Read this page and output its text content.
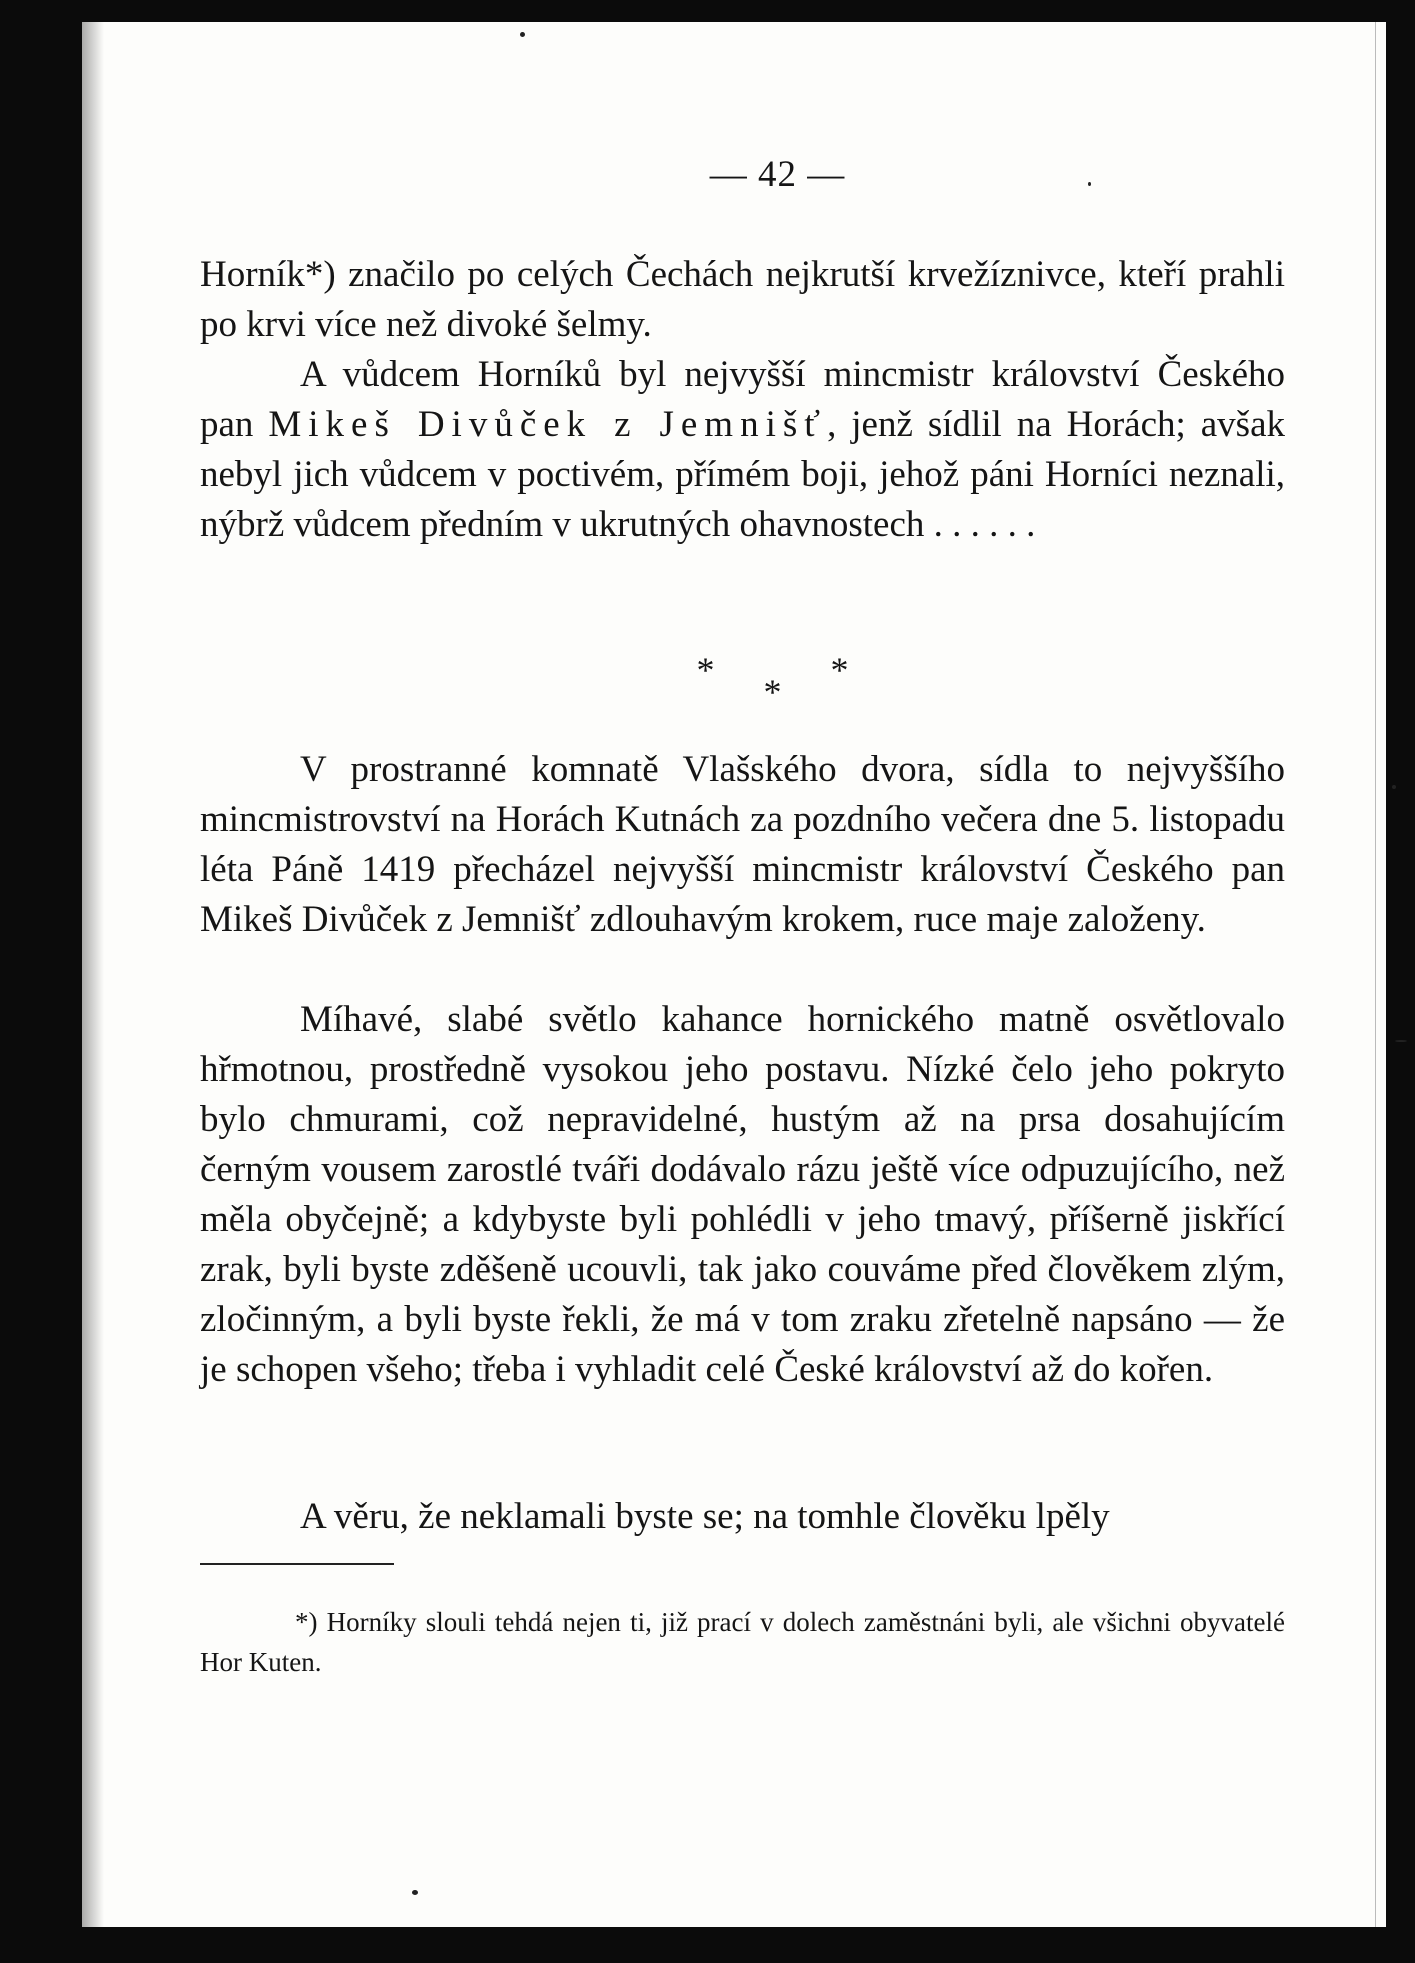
— 42 —

Horník*) značilo po celých Čechách nejkrutší krvežíznivce, kteří prahli po krvi více než divoké šelmy.

A vůdcem Horníků byl nejvyšší mincmistr království Českého pan Mikeš Divůček z Jemnišť, jenž sídlil na Horách; avšak nebyl jich vůdcem v poctivém, přímém boji, jehož páni Horníci neznali, nýbrž vůdcem předním v ukrutných ohavnostech . . . . . .

* * *

V prostranné komnatě Vlašského dvora, sídla to nejvyššího mincmistrovství na Horách Kutnách za pozdního večera dne 5. listopadu léta Páně 1419 přecházel nejvyšší mincmistr království Českého pan Mikeš Divůček z Jemnišť zdlouhavým krokem, ruce maje založeny.

Míhavé, slabé světlo kahance hornického matně osvětlovalo hřmotnou, prostředně vysokou jeho postavu. Nízké čelo jeho pokryto bylo chmurami, což nepravidelné, hustým až na prsa dosahujícím černým vousem zarostlé tváři dodávalo rázu ještě více odpuzujícího, než měla obyčejně; a kdybyste byli pohlédli v jeho tmavý, příšerně jiskřící zrak, byli byste zděšeně ucouvli, tak jako couváme před člověkem zlým, zločinným, a byli byste řekli, že má v tom zraku zřetelně napsáno — že je schopen všeho; třeba i vyhladit celé České království až do kořen.

A věru, že neklamali byste se; na tomhle člověku lpěly

*) Horníky slouli tehdá nejen ti, již prací v dolech zaměstnáni byli, ale všichni obyvatelé Hor Kuten.
